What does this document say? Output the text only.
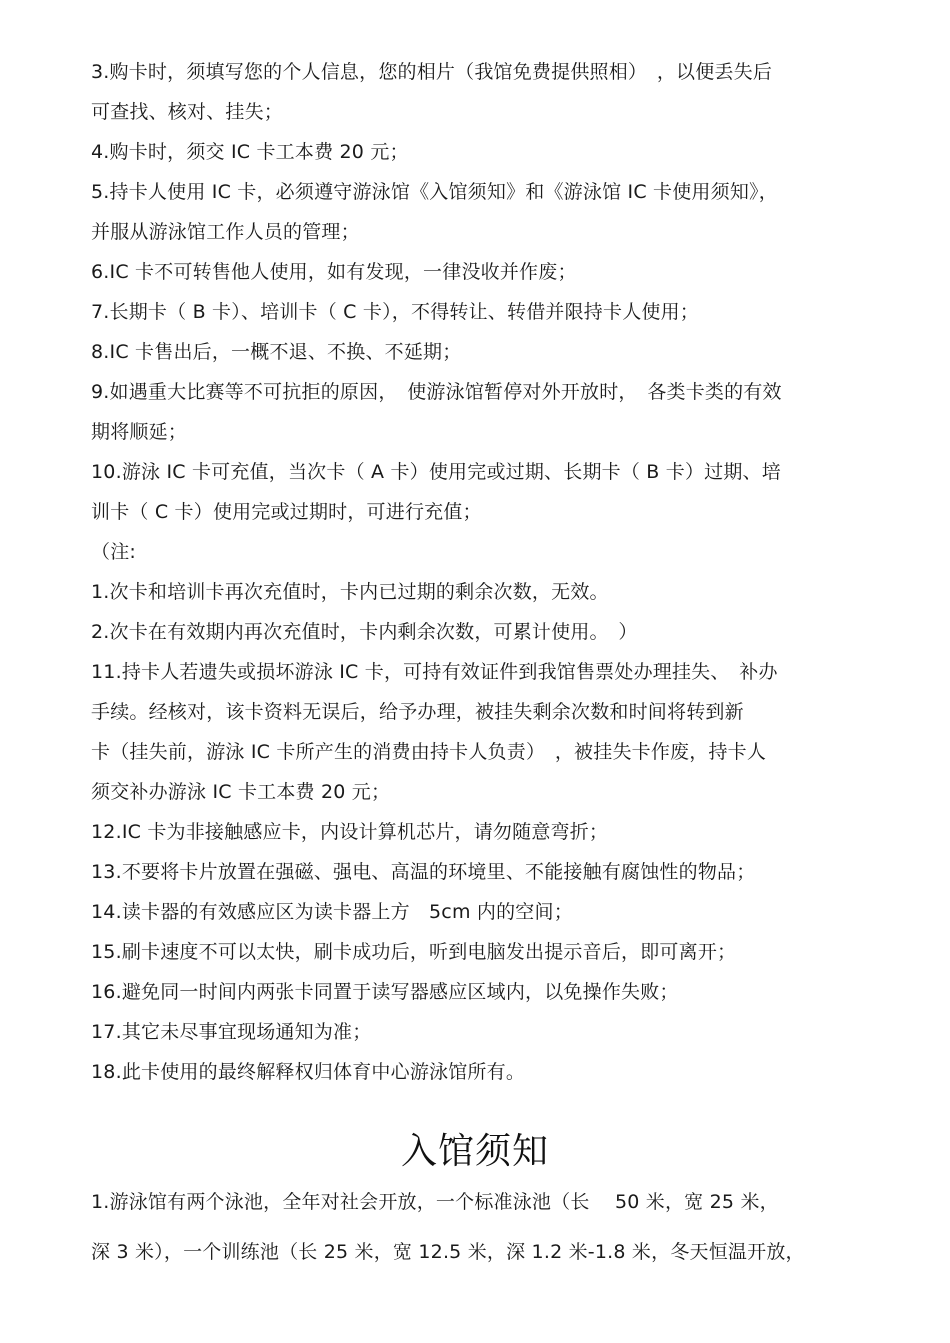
3.购卡时，须填写您的个人信息，您的相片（我馆免费提供照相）　，以便丢失后
可查找、核对、挂失；
4.购卡时，须交 IC 卡工本费 20 元；
5.持卡人使用 IC 卡，必须遵守游泳馆《入馆须知》和《游泳馆 IC 卡使用须知》，
并服从游泳馆工作人员的管理；
6.IC 卡不可转售他人使用，如有发现，一律没收并作废；
7.长期卡（ B 卡）、培训卡（ C 卡），不得转让、转借并限持卡人使用；
8.IC 卡售出后，一概不退、不换、不延期；
9.如遇重大比赛等不可抗拒的原因，　使游泳馆暂停对外开放时，　各类卡类的有效
期将顺延；
10.游泳 IC 卡可充值，当次卡（ A 卡）使用完或过期、长期卡（ B 卡）过期、培
训卡（ C 卡）使用完或过期时，可进行充值；
（注:
1.次卡和培训卡再次充值时，卡内已过期的剩余次数，无效。
2.次卡在有效期内再次充值时，卡内剩余次数，可累计使用。　）
11.持卡人若遗失或损坏游泳 IC 卡，可持有效证件到我馆售票处办理挂失、　补办
手续。经核对，该卡资料无误后，给予办理，被挂失剩余次数和时间将转到新
卡（挂失前，游泳 IC 卡所产生的消费由持卡人负责）　，被挂失卡作废，持卡人
须交补办游泳 IC 卡工本费 20 元；
12.IC 卡为非接触感应卡，内设计算机芯片，请勿随意弯折；
13.不要将卡片放置在强磁、强电、高温的环境里、不能接触有腐蚀性的物品；
14.读卡器的有效感应区为读卡器上方　5cm 内的空间；
15.刷卡速度不可以太快，刷卡成功后，听到电脑发出提示音后，即可离开；
16.避免同一时间内两张卡同置于读写器感应区域内，以免操作失败；
17.其它未尽事宜现场通知为准；
18.此卡使用的最终解释权归体育中心游泳馆所有。
入馆须知
1.游泳馆有两个泳池，全年对社会开放，一个标准泳池（长　 50 米，宽 25 米，
深 3 米），一个训练池（长 25 米，宽 12.5 米，深 1.2 米-1.8 米，冬天恒温开放，
